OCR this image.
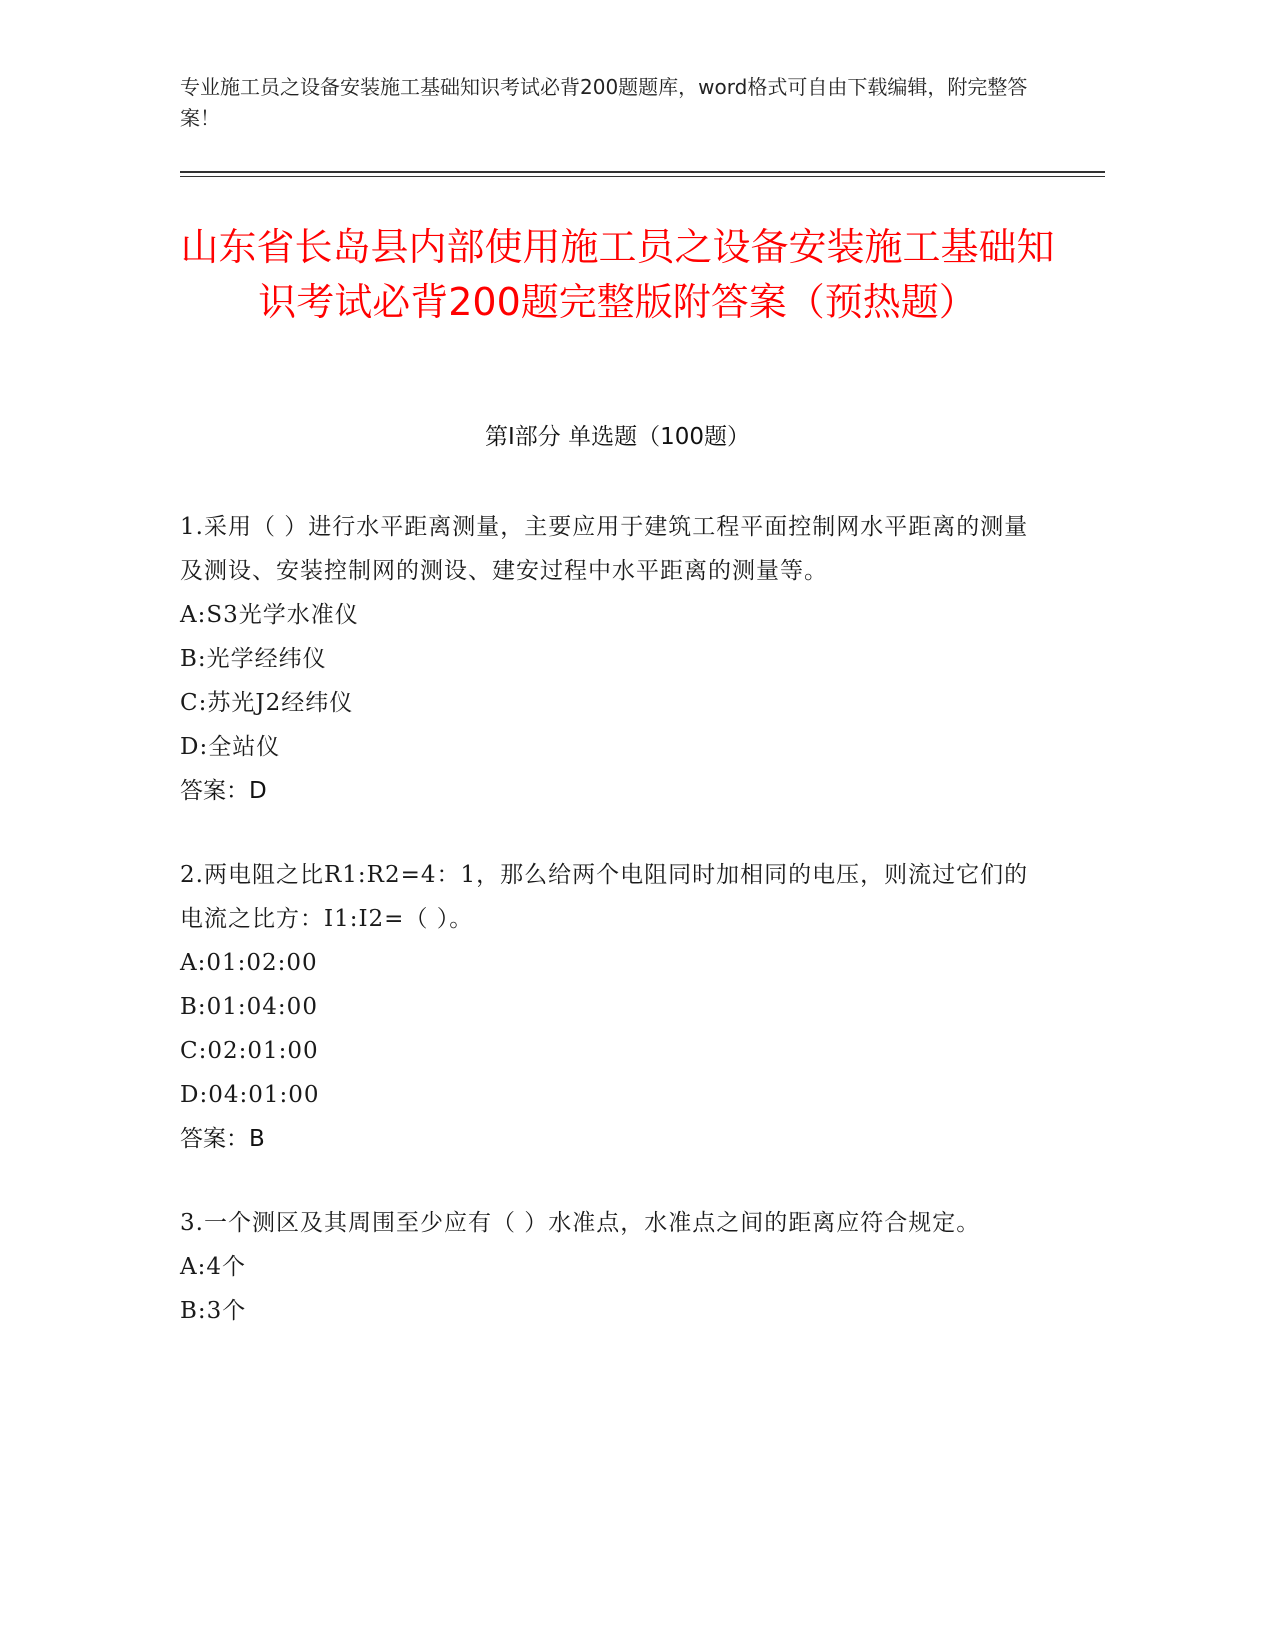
专业施工员之设备安装施工基础知识考试必背200题题库，word格式可自由下载编辑，附完整答案！
山东省长岛县内部使用施工员之设备安装施工基础知识考试必背200题完整版附答案（预热题）
第Ⅰ部分 单选题（100题）
1.采用（ ）进行水平距离测量，主要应用于建筑工程平面控制网水平距离的测量及测设、安装控制网的测设、建安过程中水平距离的测量等。
A:S3光学水准仪
B:光学经纬仪
C:苏光J2经纬仪
D:全站仪
答案：D
2.两电阻之比R1:R2=4：1，那么给两个电阻同时加相同的电压，则流过它们的电流之比方：I1:I2=（ ）。
A:01:02:00
B:01:04:00
C:02:01:00
D:04:01:00
答案：B
3.一个测区及其周围至少应有（ ）水准点，水准点之间的距离应符合规定。
A:4个
B:3个
